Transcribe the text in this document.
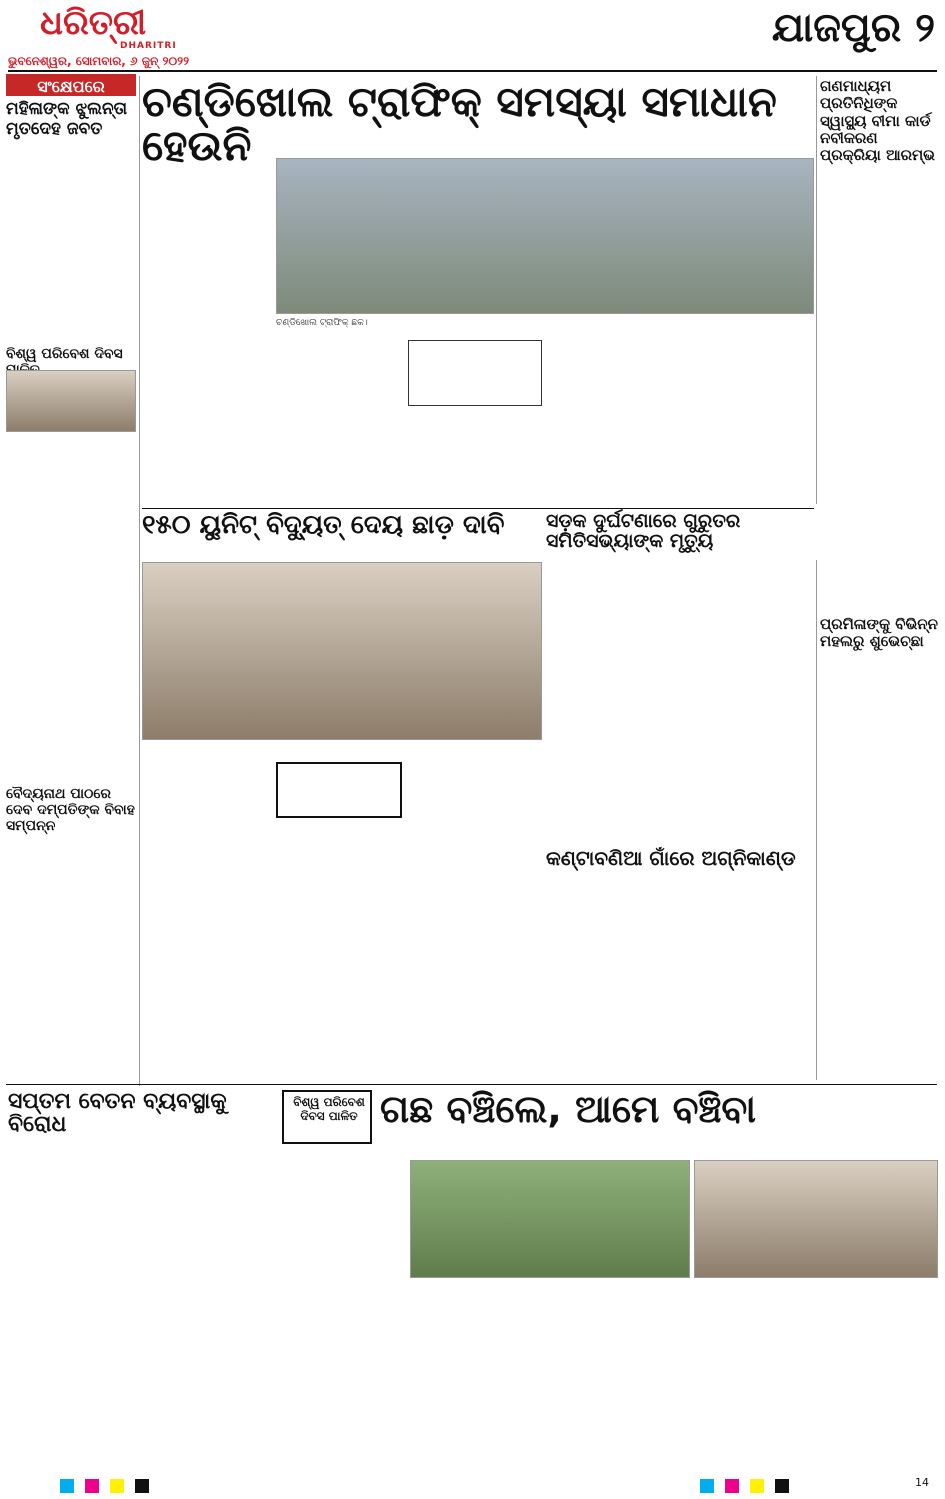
ଧରିତ୍ରୀ
DHARITRI
ଭୁବନେଶ୍ୱର, ସୋମବାର, ୬ ଜୁନ୍ ୨୦୨୨
ଯାଜପୁର ୨
ସଂକ୍ଷେପରେ
ମହିଳାଙ୍କ ଝୁଲନ୍ତା ମୃତଦେହ ଜବତ
ବିଶ୍ୱ ପରିବେଶ ଦିବସ
ବୈଦ୍ୟନାଥ ପାଠରେ ଦେବ ଦମ୍ପତିଙ୍କ ବିବାହ ସମ୍ପନ୍ନ
ଚଣ୍ଡିଖୋଲ ଟ୍ରାଫିକ୍ ସମସ୍ୟା ସମାଧାନ ହେଉନି
ଚଣ୍ଡିଖୋଲ ଟ୍ରାଫିକ୍ ଛକ।
ଗଣମାଧ୍ୟମ ପ୍ରତିନିଧିଙ୍କ ସ୍ୱାସ୍ଥ୍ୟ ବୀମା କାର୍ଡ ନବୀକରଣ ପ୍ରକ୍ରିୟା ଆରମ୍ଭ
୧୫୦ ୟୁନିଟ୍ ବିଦ୍ୟୁତ୍ ଦେୟ ଛାଡ଼ ଦାବି	ସଡ଼କ ଦୁର୍ଘଟଣାରେ ଗୁରୁତର ସମିତିସଭ୍ୟାଙ୍କ ମୃତ୍ୟୁ
ପ୍ରମିଳାଙ୍କୁ ବିଭିନ୍ନ ମହଲରୁ ଶୁଭେଚ୍ଛା
କଣ୍ଟାବଣିଆ ଗାଁରେ ଅଗ୍ନିକାଣ୍ଡ
ସପ୍ତମ ବେତନ ବ୍ୟବସ୍ଥାକୁ ବିରୋଧ
ବିଶ୍ୱ ପରିବେଶ ଦିବସ ପାଳିତ ଗଛ ବଞ୍ଚିଲେ, ଆମେ ବଞ୍ଚିବା

14
